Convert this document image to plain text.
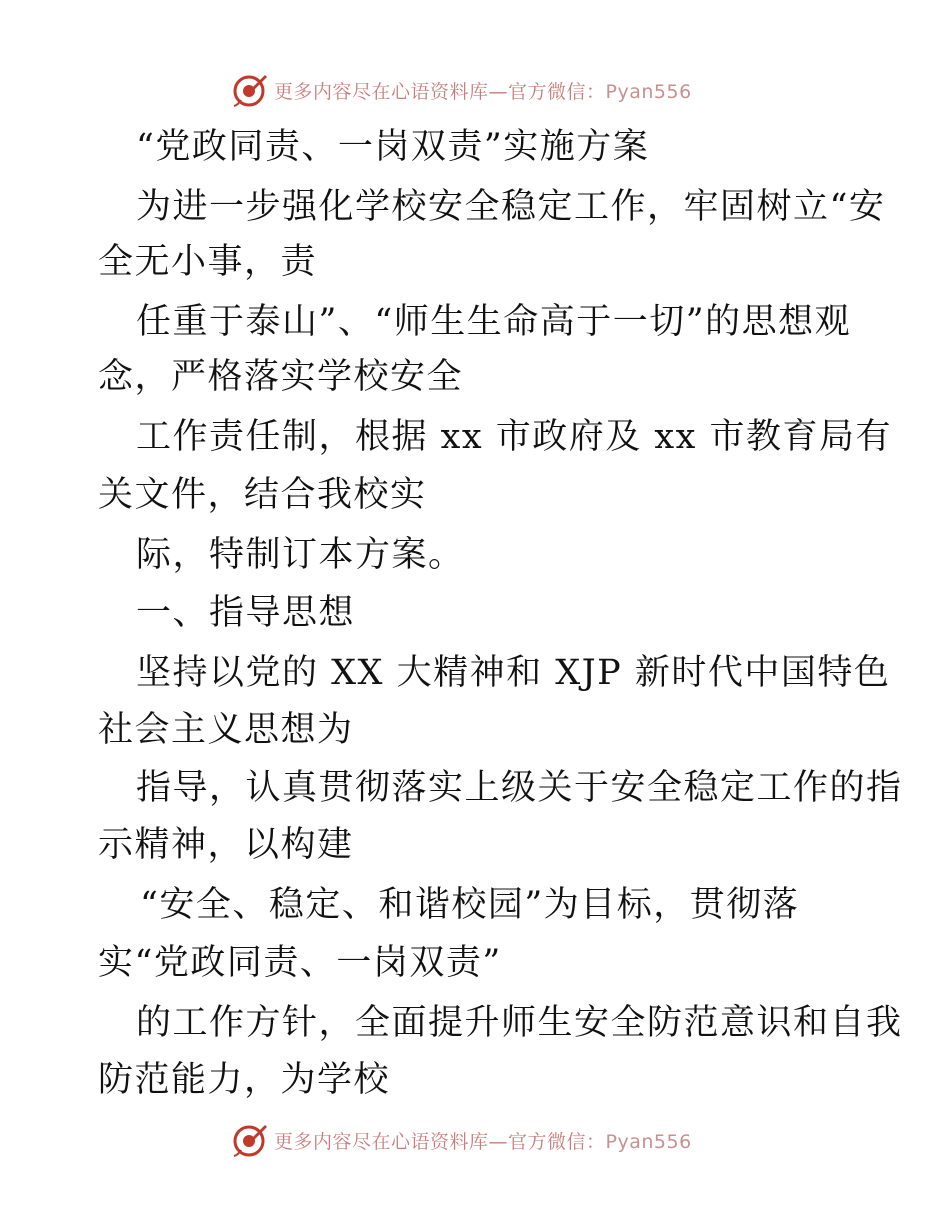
更多内容尽在心语资料库—官方微信：Pyan556
“党政同责、一岗双责”实施方案
为进一步强化学校安全稳定工作，牢固树立“安
全无小事，责
任重于泰山”、“师生生命高于一切”的思想观
念，严格落实学校安全
工作责任制，根据 xx 市政府及 xx 市教育局有
关文件，结合我校实
际，特制订本方案。
一、指导思想
坚持以党的 XX 大精神和 XJP 新时代中国特色
社会主义思想为
指导，认真贯彻落实上级关于安全稳定工作的指
示精神，以构建
“安全、稳定、和谐校园”为目标，贯彻落
实“党政同责、一岗双责”
的工作方针，全面提升师生安全防范意识和自我
防范能力，为学校
更多内容尽在心语资料库—官方微信：Pyan556
